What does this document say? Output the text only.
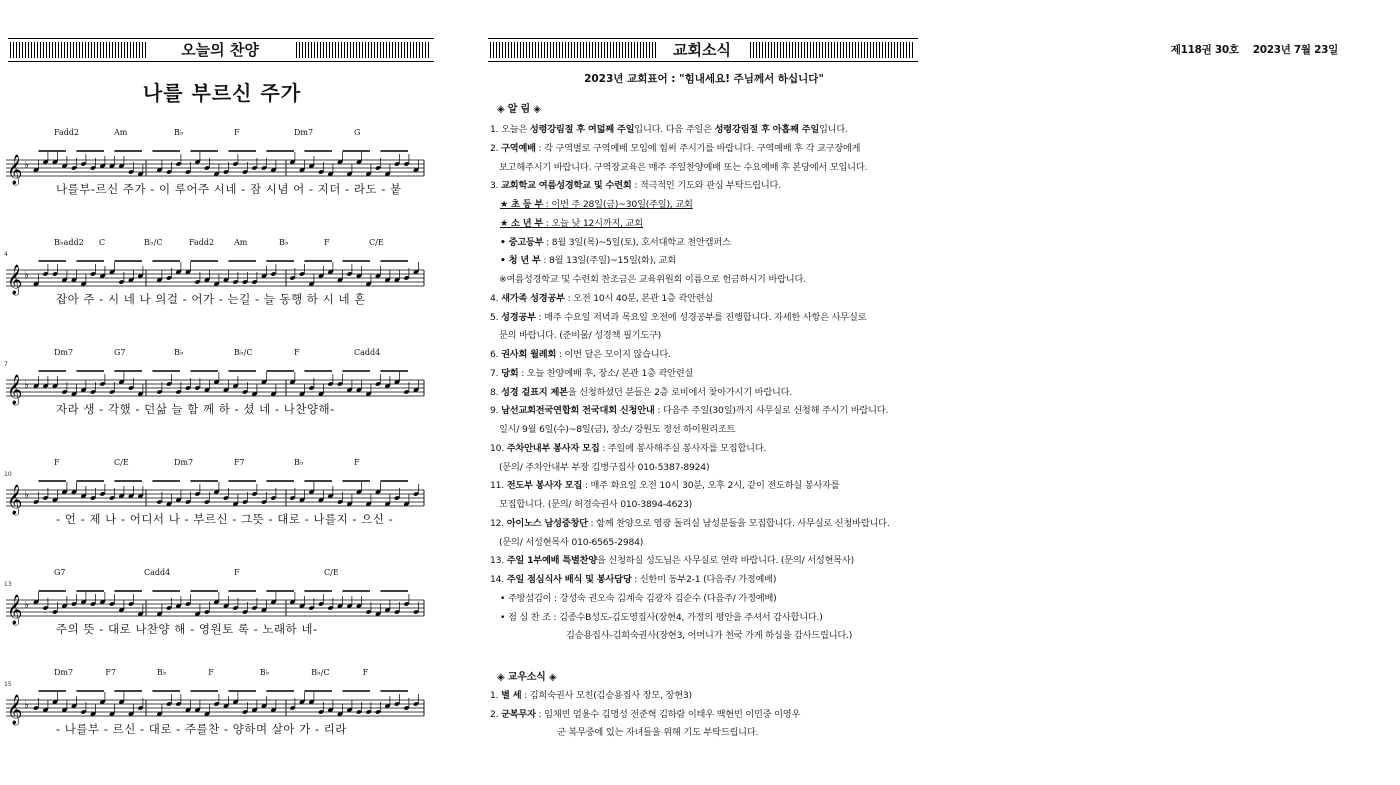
오늘의 찬양
나를 부르신 주가
Fadd2	Am	B♭	F	Dm7	G
𝄞 ♭
나를부-르신 주가 - 이 루어주 시네 - 잠 시념 어 - 지더 - 라도 - 붙
4
B♭add2 C	B♭/C	Fadd2 Am	B♭	F	C/E
𝄞 ♭
잡아 주 - 시 네 나 의걸 - 어가 - 는길 - 늘 동행 하 시 네 혼
7
Dm7	G7	B♭	B♭/C	F	Cadd4
𝄞 ♭
자라 생 - 각했 - 던삶 늘 함 께 하 - 셨 네 - 나찬양해-
10
F	C/E	Dm7	F7	B♭	F
𝄞 ♭
- 언 - 제 나 - 어디서 나 - 부르신 - 그뜻 - 대로 - 나를지 - 으신 -
13
G7	Cadd4	F	C/E
𝄞 ♭
주의 뜻 - 대로 나찬양 해 - 영원토 록 - 노래하 네-
15
Dm7	F7	B♭	F	B♭	B♭/C	F
𝄞 ♭
- 나를부 - 르신 - 대로 - 주를찬 - 양하며 살아 가 - 리라
교회소식
2023년 교회표어 : "힘내세요! 주님께서 하십니다"
◈ 알 림 ◈
1. 오늘은 성령강림절 후 여덟째 주일입니다. 다음 주일은 성령강림절 후 아홉째 주일입니다.
2. 구역예배 : 각 구역별로 구역예배 모임에 힘써 주시기를 바랍니다. 구역예배 후 각 교구장에게
보고해주시기 바랍니다. 구역장교육은 매주 주일찬양예배 또는 수요예배 후 본당에서 모입니다.
3. 교회학교 여름성경학교 및 수련회 : 적극적인 기도와 관심 부탁드립니다.
★ 초 등 부 : 이번 주 28일(금)~30일(주일), 교회
★ 소 년 부 : 오늘 낮 12시까지, 교회
• 중고등부 : 8월 3일(목)~5일(토), 호서대학교 천안캠퍼스
• 청 년 부 : 8월 13일(주일)~15일(화), 교회
※여름성경학교 및 수련회 찬조금은 교육위원회 이름으로 헌금하시기 바랍니다.
4. 새가족 성경공부 : 오전 10시 40분, 본관 1층 곽안련실
5. 성경공부 : 매주 수요일 저녁과 목요일 오전에 성경공부를 진행합니다. 자세한 사항은 사무실로
문의 바랍니다. (준비물/ 성경책 필기도구)
6. 권사회 월례회 : 이번 달은 모이지 않습니다.
7. 당회 : 오늘 찬양예배 후, 장소/ 본관 1층 곽안련실
8. 성경 겉표지 제본을 신청하셨던 분들은 2층 로비에서 찾아가시기 바랍니다.
9. 남선교회전국연합회 전국대회 신청안내 : 다음주 주일(30일)까지 사무실로 신청해 주시기 바랍니다.
일시/ 9월 6일(수)~8일(금), 장소/ 강원도 정선 하이원리조트
10. 주차안내부 봉사자 모집 : 주일에 봉사해주실 봉사자를 모집합니다.
(문의/ 주차안내부 부장 김병구집사 010-5387-8924)
11. 전도부 봉사자 모집 : 매주 화요일 오전 10시 30분, 오후 2시, 같이 전도하실 봉사자를
모집합니다. (문의/ 허경숙권사 010-3894-4623)
12. 아이노스 남성중창단 : 함께 찬양으로 영광 돌리실 남성분들을 모집합니다. 사무실로 신청바랍니다.
(문의/ 서성현목사 010-6565-2984)
13. 주일 1부예배 특별찬양을 신청하실 성도님은 사무실로 연락 바랍니다. (문의/ 서성현목사)
14. 주일 점심식사 배식 및 봉사담당 : 신한미 동부2-1 (다음주/ 가정예배)
• 주방섬김이 : 강성숙 권오숙 김계숙 김광자 김순수 (다음주/ 가정예배)
• 점 심 찬 조 : 김종수B성도-김도영집사(장현4, 가정의 평안을 주셔서 감사합니다.)
김승용집사-김희숙권사(장현3, 어머니가 천국 가게 하심을 감사드립니다.)
◈ 교우소식 ◈
1. 별 세 : 김희숙권사 모친(김승용집사 장모, 장현3)
2. 군복무자 : 임채빈 엄윤수 김명성 전준혁 김하람 이태우 백현빈 이민중 이영우
군 복무중에 있는 자녀들을 위해 기도 부탁드립니다.
제118권 30호 2023년 7월 23일
